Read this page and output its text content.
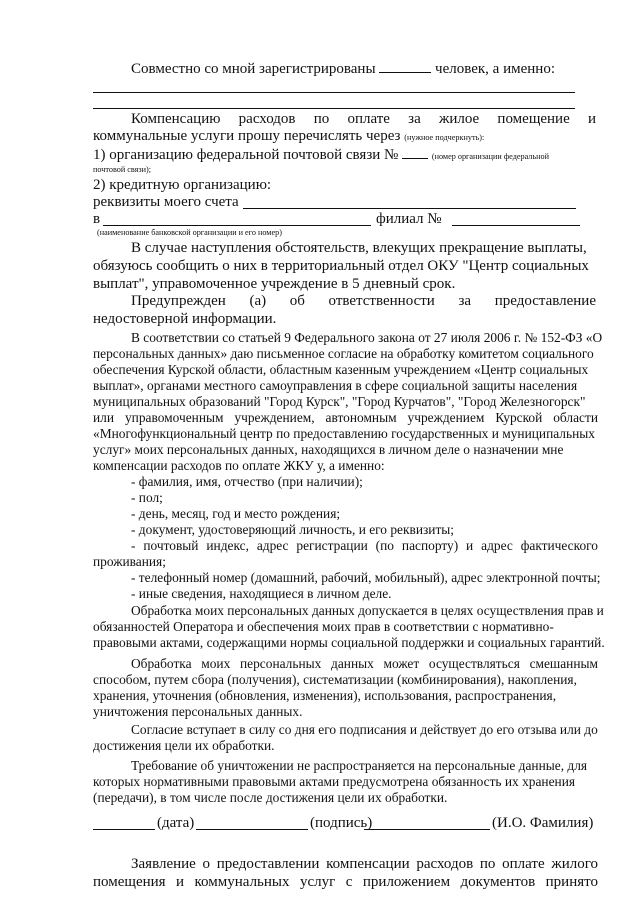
Совместно со мной зарегистрированы	человек, а именно:
Компенсацию расходов по оплате за жилое помещение и
коммунальные услуги прошу перечислять через (нужное подчеркнуть):
1) организацию федеральной почтовой связи №	(номер организации федеральной
почтовой связи);
2) кредитную организацию:
реквизиты моего счета
в	филиал №
(наименование банковской организации и его номер)
В случае наступления обстоятельств, влекущих прекращение выплаты,
обязуюсь сообщить о них в территориальный отдел ОКУ "Центр социальных
выплат", управомоченное учреждение в 5 дневный срок.
Предупрежден (а) об ответственности за предоставление
недостоверной информации.
В соответствии со статьей 9 Федерального закона от 27 июля 2006 г. № 152-ФЗ «О
персональных данных» даю письменное согласие на обработку комитетом социального
обеспечения Курской области, областным казенным учреждением «Центр социальных
выплат», органами местного самоуправления в сфере социальной защиты населения
муниципальных образований "Город Курск", "Город Курчатов", "Город Железногорск"
или управомоченным учреждением, автономным учреждением Курской области
«Многофункциональный центр по предоставлению государственных и муниципальных
услуг» моих персональных данных, находящихся в личном деле о назначении мне
компенсации расходов по оплате ЖКУ у, а именно:
- фамилия, имя, отчество (при наличии);
- пол;
- день, месяц, год и место рождения;
- документ, удостоверяющий личность, и его реквизиты;
- почтовый индекс, адрес регистрации (по паспорту) и адрес фактического
проживания;
- телефонный номер (домашний, рабочий, мобильный), адрес электронной почты;
- иные сведения, находящиеся в личном деле.
Обработка моих персональных данных допускается в целях осуществления прав и
обязанностей Оператора и обеспечения моих прав в соответствии с нормативно-
правовыми актами, содержащими нормы социальной поддержки и социальных гарантий.
Обработка моих персональных данных может осуществляться смешанным
способом, путем сбора (получения), систематизации (комбинирования), накопления,
хранения, уточнения (обновления, изменения), использования, распространения,
уничтожения персональных данных.
Согласие вступает в силу со дня его подписания и действует до его отзыва или до
достижения цели их обработки.
Требование об уничтожении не распространяется на персональные данные, для
которых нормативными правовыми актами предусмотрена обязанность их хранения
(передачи), в том числе после достижения цели их обработки.
(дата)	(подпись)	(И.О. Фамилия)
Заявление о предоставлении компенсации расходов по оплате жилого
помещения и коммунальных услуг с приложением документов принято
